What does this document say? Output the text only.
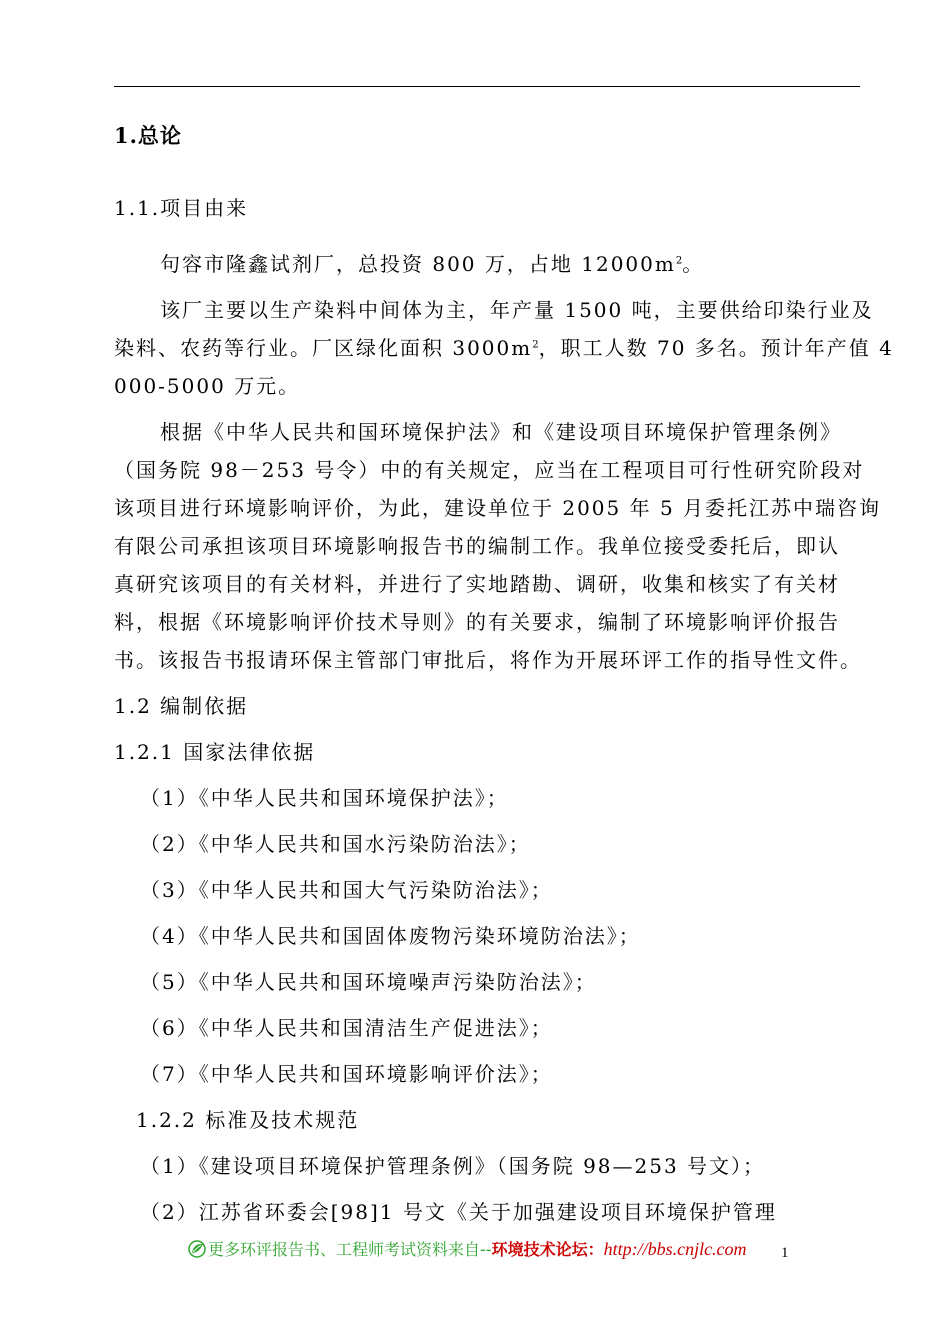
1.总论
1.1.项目由来
句容市隆鑫试剂厂，总投资 800 万，占地 $12000m^2$。
该厂主要以生产染料中间体为主，年产量 1500 吨，主要供给印染行业及
染料、农药等行业。厂区绿化面积 $3000m^2$，职工人数 70 多名。预计年产值 4
000-5000 万元。
根据《中华人民共和国环境保护法》和《建设项目环境保护管理条例》
（国务院 98－253 号令）中的有关规定，应当在工程项目可行性研究阶段对
该项目进行环境影响评价，为此，建设单位于 2005 年 5 月委托江苏中瑞咨询
有限公司承担该项目环境影响报告书的编制工作。我单位接受委托后，即认
真研究该项目的有关材料，并进行了实地踏勘、调研，收集和核实了有关材
料，根据《环境影响评价技术导则》的有关要求，编制了环境影响评价报告
书。该报告书报请环保主管部门审批后，将作为开展环评工作的指导性文件。
1.2 编制依据
1.2.1 国家法律依据
（1）《中华人民共和国环境保护法》；
（2）《中华人民共和国水污染防治法》；
（3）《中华人民共和国大气污染防治法》；
（4）《中华人民共和国固体废物污染环境防治法》；
（5）《中华人民共和国环境噪声污染防治法》；
（6）《中华人民共和国清洁生产促进法》；
（7）《中华人民共和国环境影响评价法》；
1.2.2 标准及技术规范
（1）《建设项目环境保护管理条例》（国务院 98—253 号文）；
（2）江苏省环委会[98]1 号文《关于加强建设项目环境保护管理
更多环评报告书、工程师考试资料来自--环境技术论坛：http://bbs.cnjlc.com 1
